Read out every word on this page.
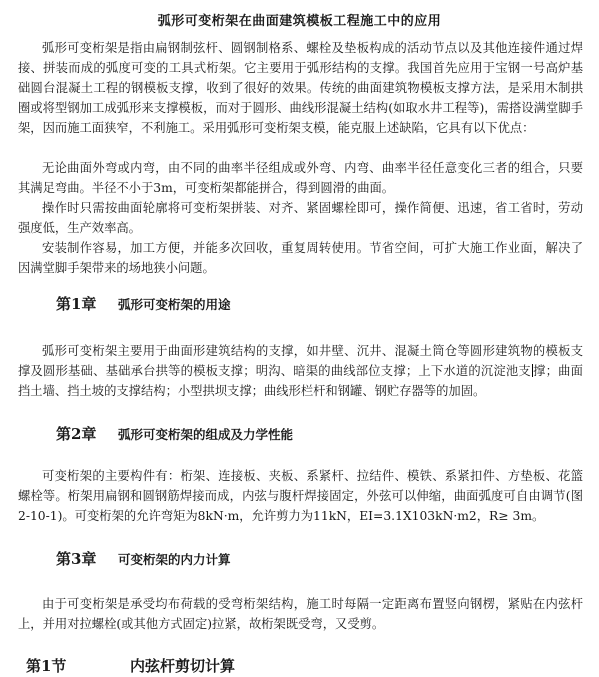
弧形可变桁架在曲面建筑模板工程施工中的应用

弧形可变桁架是指由扁钢制弦杆、圆钢制格系、螺栓及垫板构成的活动节点以及其他连接件通过焊接、拼装而成的弧度可变的工具式桁架。它主要用于弧形结构的支撑。我国首先应用于宝钢一号高炉基础圆台混凝土工程的钢模板支撑，收到了很好的效果。传统的曲面建筑物模板支撑方法，是采用木制拱圈或将型钢加工成弧形来支撑模板，而对于圆形、曲线形混凝土结构(如取水井工程等)，需搭设满堂脚手架，因而施工面狭窄，不利施工。采用弧形可变桁架支模，能克服上述缺陷，它具有以下优点：

无论曲面外弯或内弯，由不同的曲率半径组成或外弯、内弯、曲率半径任意变化三者的组合，只要其满足弯曲。半径不小于3m，可变桁架都能拼合，得到圆滑的曲面。

操作时只需按曲面轮廓将可变桁架拼装、对齐、紧固螺栓即可，操作简便、迅速，省工省时，劳动强度低，生产效率高。

安装制作容易，加工方便，并能多次回收，重复周转使用。节省空间，可扩大施工作业面，解决了因满堂脚手架带来的场地狭小问题。

第1章	弧形可变桁架的用途

弧形可变桁架主要用于曲面形建筑结构的支撑，如井壁、沉井、混凝土筒仓等圆形建筑物的模板支撑及圆形基础、基础承台拱等的模板支撑；明沟、暗渠的曲线部位支撑；上下水道的沉淀池支 撑；曲面挡土墙、挡土坡的支撑结构；小型拱坝支撑；曲线形栏杆和钢罐、钢贮存器等的加固。

第2章	弧形可变桁架的组成及力学性能

可变桁架的主要构件有：桁架、连接板、夹板、系紧杆、拉结件、模铁、系紧扣件、方垫板、花篮螺栓等。桁架用扁钢和圆钢筋焊接而成，内弦与腹杆焊接固定，外弦可以伸缩，曲面弧度可自由调节(图2-10-1)。可变桁架的允许弯矩为8kN·m，允许剪力为11kN，EI=3.1X103kN·m2，R≥ 3m。

第3章	可变桁架的内力计算

由于可变桁架是承受均布荷载的受弯桁架结构，施工时每隔一定距离布置竖向钢楞，紧贴在内弦杆上，并用对拉螺栓(或其他方式固定)拉紧，故桁架既受弯，又受剪。

第1节	内弦杆剪切计算
